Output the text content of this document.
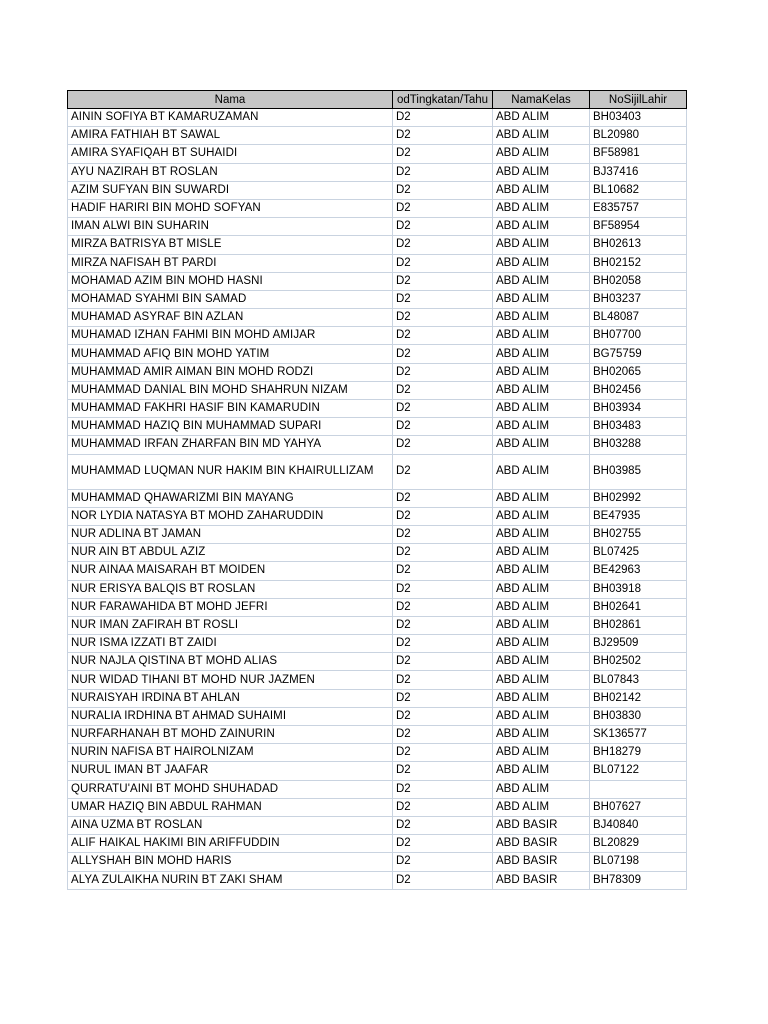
Nama	odTingkatan/Tahu	NamaKelas	NoSijilLahir
AININ SOFIYA BT KAMARUZAMAN	D2	ABD ALIM	BH03403
AMIRA FATHIAH BT SAWAL	D2	ABD ALIM	BL20980
AMIRA SYAFIQAH BT SUHAIDI	D2	ABD ALIM	BF58981
AYU NAZIRAH BT ROSLAN	D2	ABD ALIM	BJ37416
AZIM SUFYAN BIN SUWARDI	D2	ABD ALIM	BL10682
HADIF HARIRI BIN MOHD SOFYAN	D2	ABD ALIM	E835757
IMAN ALWI BIN SUHARIN	D2	ABD ALIM	BF58954
MIRZA BATRISYA BT MISLE	D2	ABD ALIM	BH02613
MIRZA NAFISAH BT PARDI	D2	ABD ALIM	BH02152
MOHAMAD AZIM BIN MOHD HASNI	D2	ABD ALIM	BH02058
MOHAMAD SYAHMI BIN SAMAD	D2	ABD ALIM	BH03237
MUHAMAD ASYRAF BIN AZLAN	D2	ABD ALIM	BL48087
MUHAMAD IZHAN FAHMI BIN MOHD AMIJAR	D2	ABD ALIM	BH07700
MUHAMMAD AFIQ BIN MOHD YATIM	D2	ABD ALIM	BG75759
MUHAMMAD AMIR AIMAN BIN MOHD RODZI	D2	ABD ALIM	BH02065
MUHAMMAD DANIAL BIN MOHD SHAHRUN NIZAM	D2	ABD ALIM	BH02456
MUHAMMAD FAKHRI HASIF BIN KAMARUDIN	D2	ABD ALIM	BH03934
MUHAMMAD HAZIQ BIN MUHAMMAD SUPARI	D2	ABD ALIM	BH03483
MUHAMMAD IRFAN ZHARFAN BIN MD YAHYA	D2	ABD ALIM	BH03288
MUHAMMAD LUQMAN NUR HAKIM BIN KHAIRULLIZAM	D2	ABD ALIM	BH03985
MUHAMMAD QHAWARIZMI BIN MAYANG	D2	ABD ALIM	BH02992
NOR LYDIA NATASYA BT MOHD ZAHARUDDIN	D2	ABD ALIM	BE47935
NUR ADLINA BT JAMAN	D2	ABD ALIM	BH02755
NUR AIN BT ABDUL AZIZ	D2	ABD ALIM	BL07425
NUR AINAA MAISARAH BT MOIDEN	D2	ABD ALIM	BE42963
NUR ERISYA BALQIS BT ROSLAN	D2	ABD ALIM	BH03918
NUR FARAWAHIDA BT MOHD JEFRI	D2	ABD ALIM	BH02641
NUR IMAN ZAFIRAH BT ROSLI	D2	ABD ALIM	BH02861
NUR ISMA IZZATI BT ZAIDI	D2	ABD ALIM	BJ29509
NUR NAJLA QISTINA BT MOHD ALIAS	D2	ABD ALIM	BH02502
NUR WIDAD TIHANI BT MOHD NUR JAZMEN	D2	ABD ALIM	BL07843
NURAISYAH IRDINA BT AHLAN	D2	ABD ALIM	BH02142
NURALIA IRDHINA BT AHMAD SUHAIMI	D2	ABD ALIM	BH03830
NURFARHANAH BT MOHD ZAINURIN	D2	ABD ALIM	SK136577
NURIN NAFISA BT HAIROLNIZAM	D2	ABD ALIM	BH18279
NURUL IMAN BT JAAFAR	D2	ABD ALIM	BL07122
QURRATU'AINI BT MOHD SHUHADAD	D2	ABD ALIM	
UMAR HAZIQ BIN ABDUL RAHMAN	D2	ABD ALIM	BH07627
AINA UZMA BT ROSLAN	D2	ABD BASIR	BJ40840
ALIF HAIKAL HAKIMI BIN ARIFFUDDIN	D2	ABD BASIR	BL20829
ALLYSHAH BIN MOHD HARIS	D2	ABD BASIR	BL07198
ALYA ZULAIKHA NURIN BT ZAKI SHAM	D2	ABD BASIR	BH78309
